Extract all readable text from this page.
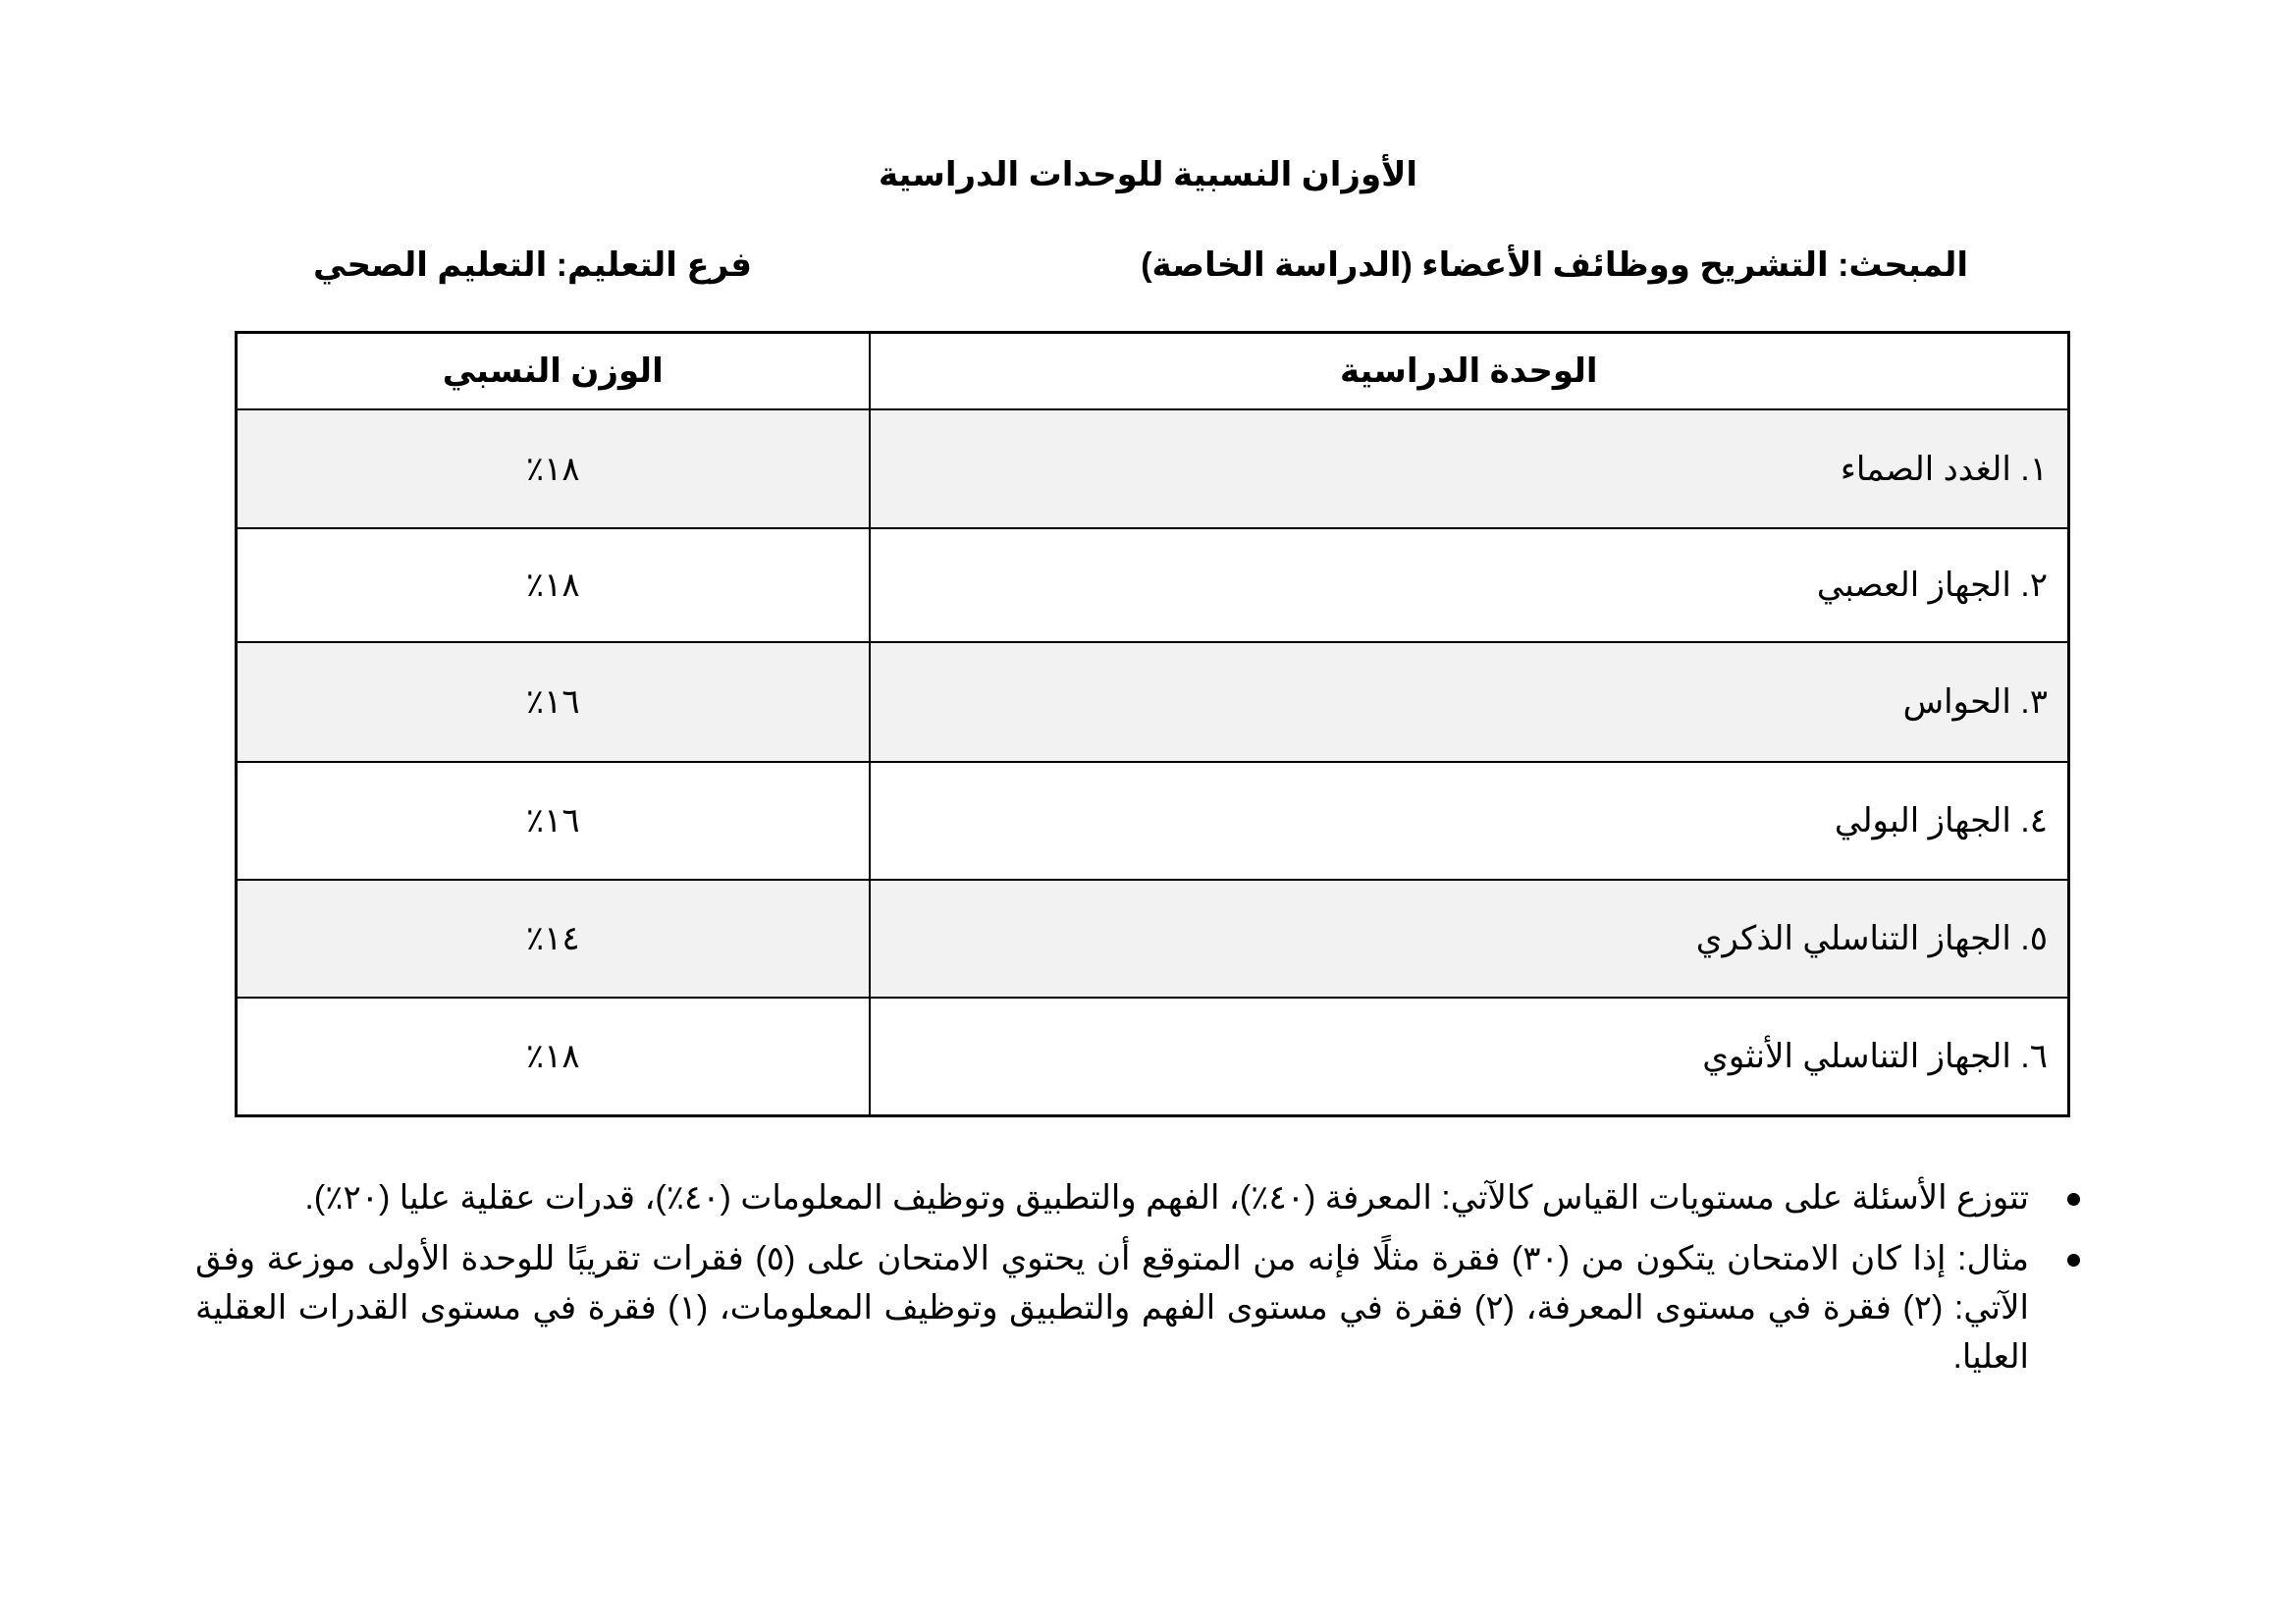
الأوزان النسبية للوحدات الدراسية
المبحث: التشريح ووظائف الأعضاء (الدراسة الخاصة)
فرع التعليم: التعليم الصحي
الوحدة الدراسية	الوزن النسبي
١. الغدد الصماء	١٨٪
٢. الجهاز العصبي	١٨٪
٣. الحواس	١٦٪
٤. الجهاز البولي	١٦٪
٥. الجهاز التناسلي الذكري	١٤٪
٦. الجهاز التناسلي الأنثوي	١٨٪
تتوزع الأسئلة على مستويات القياس كالآتي: المعرفة (٤٠٪)، الفهم والتطبيق وتوظيف المعلومات (٤٠٪)، قدرات عقلية عليا (٢٠٪).
مثال: إذا كان الامتحان يتكون من (٣٠) فقرة مثلًا فإنه من المتوقع أن يحتوي الامتحان على (٥) فقرات تقريبًا للوحدة الأولى موزعة وفق الآتي: (٢) فقرة في مستوى المعرفة، (٢) فقرة في مستوى الفهم والتطبيق وتوظيف المعلومات، (١) فقرة في مستوى القدرات العقلية العليا.
